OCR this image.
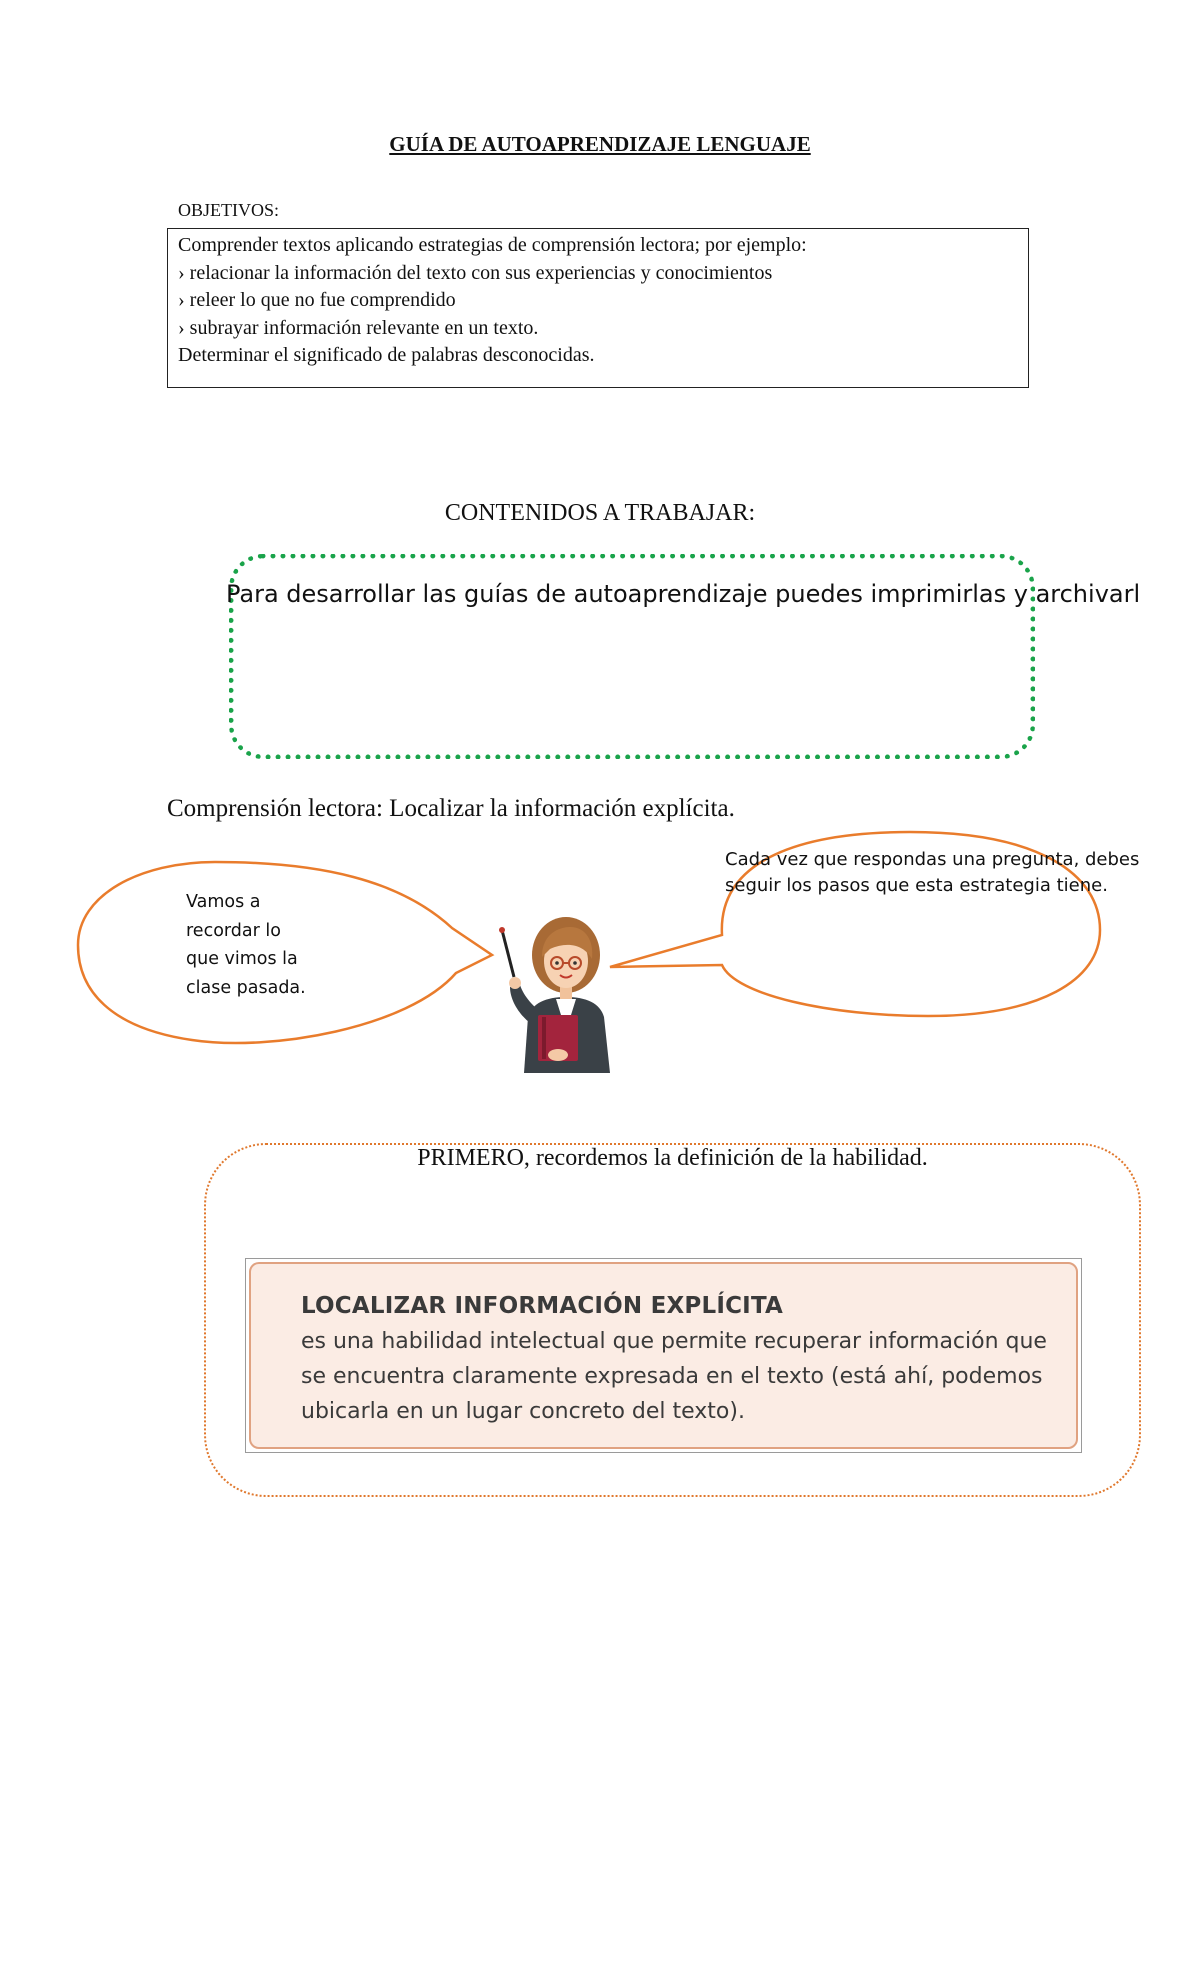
GUÍA DE AUTOAPRENDIZAJE LENGUAJE
OBJETIVOS:
Comprender textos aplicando estrategias de comprensión lectora; por ejemplo:
› relacionar la información del texto con sus experiencias y conocimientos
› releer lo que no fue comprendido
› subrayar información relevante en un texto.
Determinar el significado de palabras desconocidas.
CONTENIDOS A TRABAJAR:
Para desarrollar las guías de autoaprendizaje puedes imprimirlas y archivarl
Comprensión lectora: Localizar la información explícita.
Vamos a recordar lo que vimos la clase pasada.
Cada vez que respondas una pregunta, debes seguir los pasos que esta estrategia tiene.
PRIMERO, recordemos la definición de la habilidad.
LOCALIZAR INFORMACIÓN EXPLÍCITA
es una habilidad intelectual que permite recuperar información que
se encuentra claramente expresada en el texto (está ahí, podemos
ubicarla en un lugar concreto del texto).
